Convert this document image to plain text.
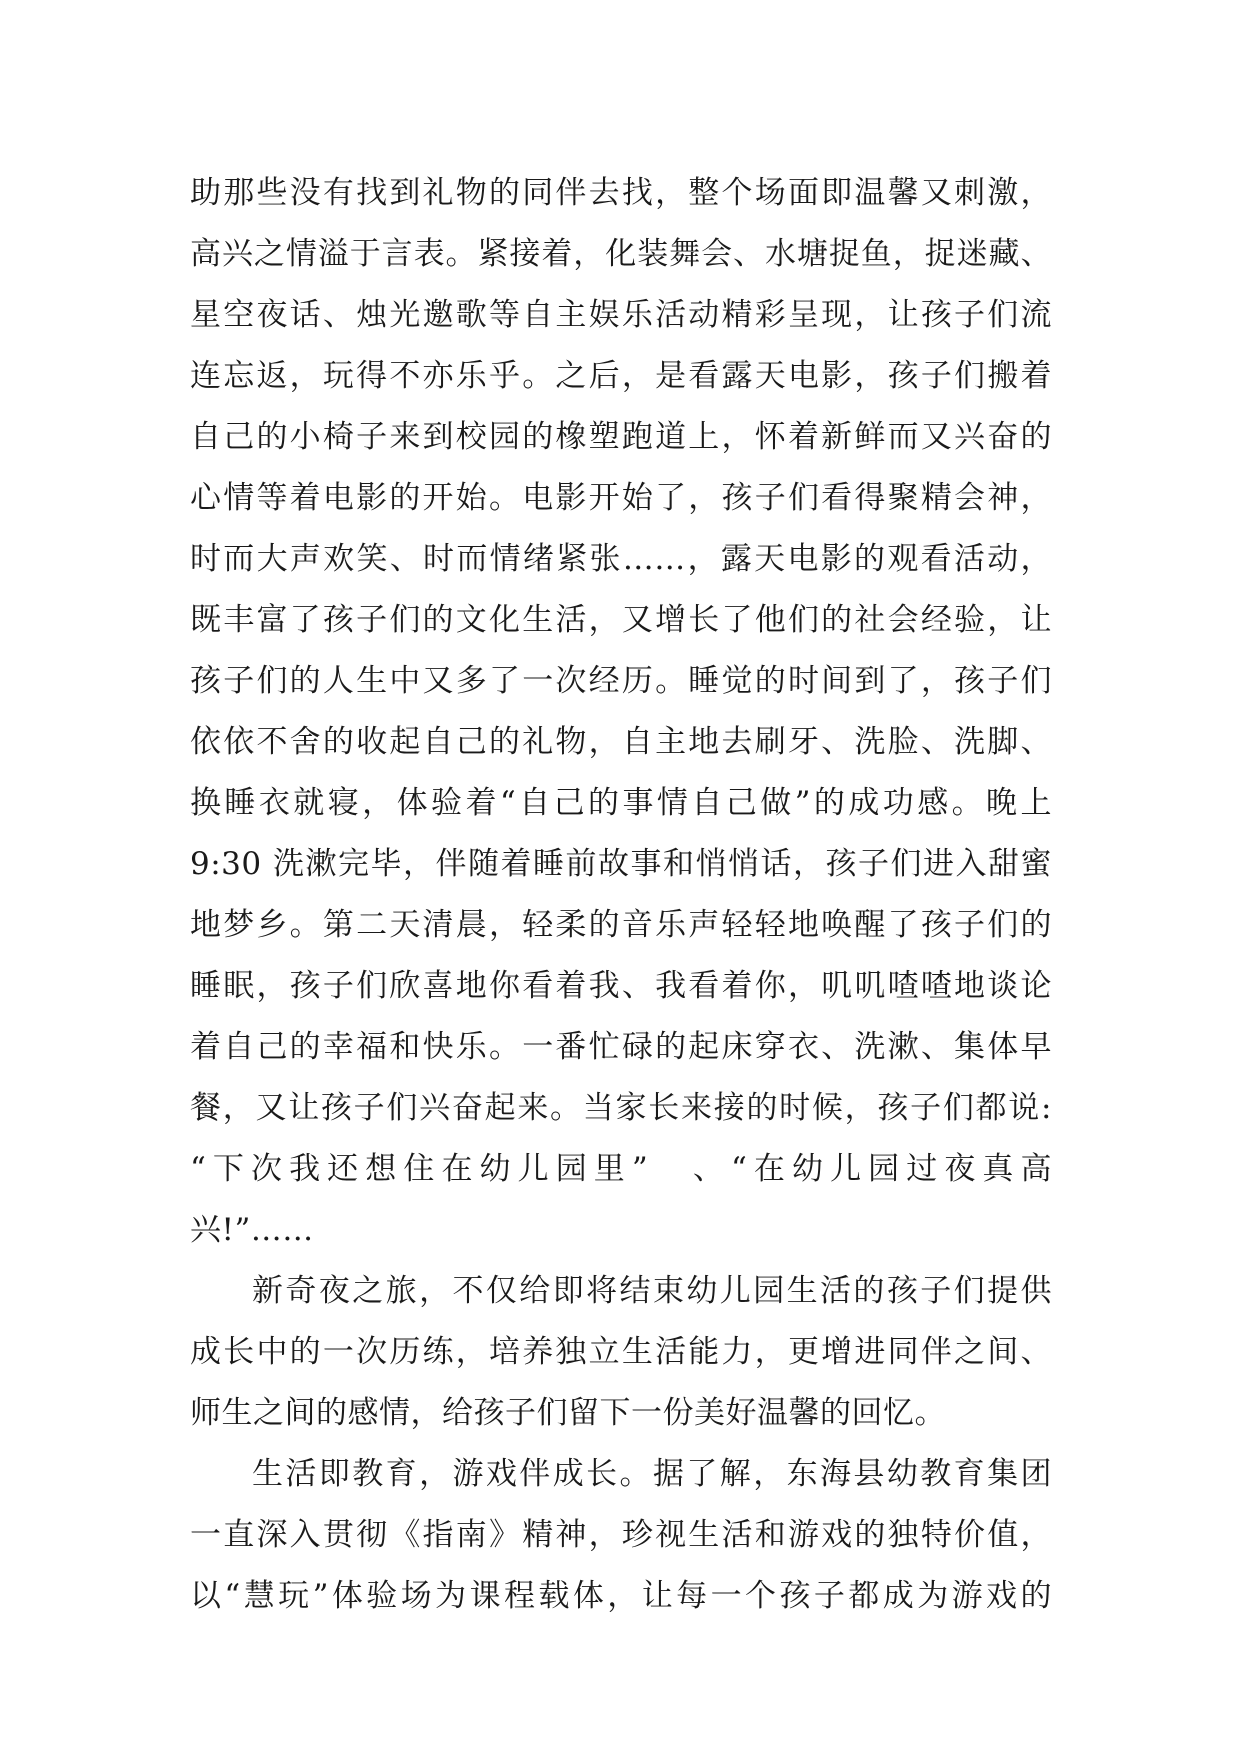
助那些没有找到礼物的同伴去找，整个场面即温馨又刺激，
高兴之情溢于言表。紧接着，化装舞会、水塘捉鱼，捉迷藏、
星空夜话、烛光邀歌等自主娱乐活动精彩呈现，让孩子们流
连忘返，玩得不亦乐乎。之后，是看露天电影，孩子们搬着
自己的小椅子来到校园的橡塑跑道上，怀着新鲜而又兴奋的
心情等着电影的开始。电影开始了，孩子们看得聚精会神，
时而大声欢笑、时而情绪紧张……，露天电影的观看活动，
既丰富了孩子们的文化生活，又增长了他们的社会经验，让
孩子们的人生中又多了一次经历。睡觉的时间到了，孩子们
依依不舍的收起自己的礼物，自主地去刷牙、洗脸、洗脚、
换睡衣就寝，体验着“自己的事情自己做”的成功感。晚上
9:30 洗漱完毕，伴随着睡前故事和悄悄话，孩子们进入甜蜜
地梦乡。第二天清晨，轻柔的音乐声轻轻地唤醒了孩子们的
睡眠，孩子们欣喜地你看着我、我看着你，叽叽喳喳地谈论
着自己的幸福和快乐。一番忙碌的起床穿衣、洗漱、集体早
餐，又让孩子们兴奋起来。当家长来接的时候，孩子们都说:
“下次我还想住在幼儿园里”　、“在幼儿园过夜真高
兴!”……
新奇夜之旅，不仅给即将结束幼儿园生活的孩子们提供
成长中的一次历练，培养独立生活能力，更增进同伴之间、
师生之间的感情，给孩子们留下一份美好温馨的回忆。
生活即教育，游戏伴成长。据了解，东海县幼教育集团
一直深入贯彻《指南》精神，珍视生活和游戏的独特价值，
以“慧玩”体验场为课程载体，让每一个孩子都成为游戏的
